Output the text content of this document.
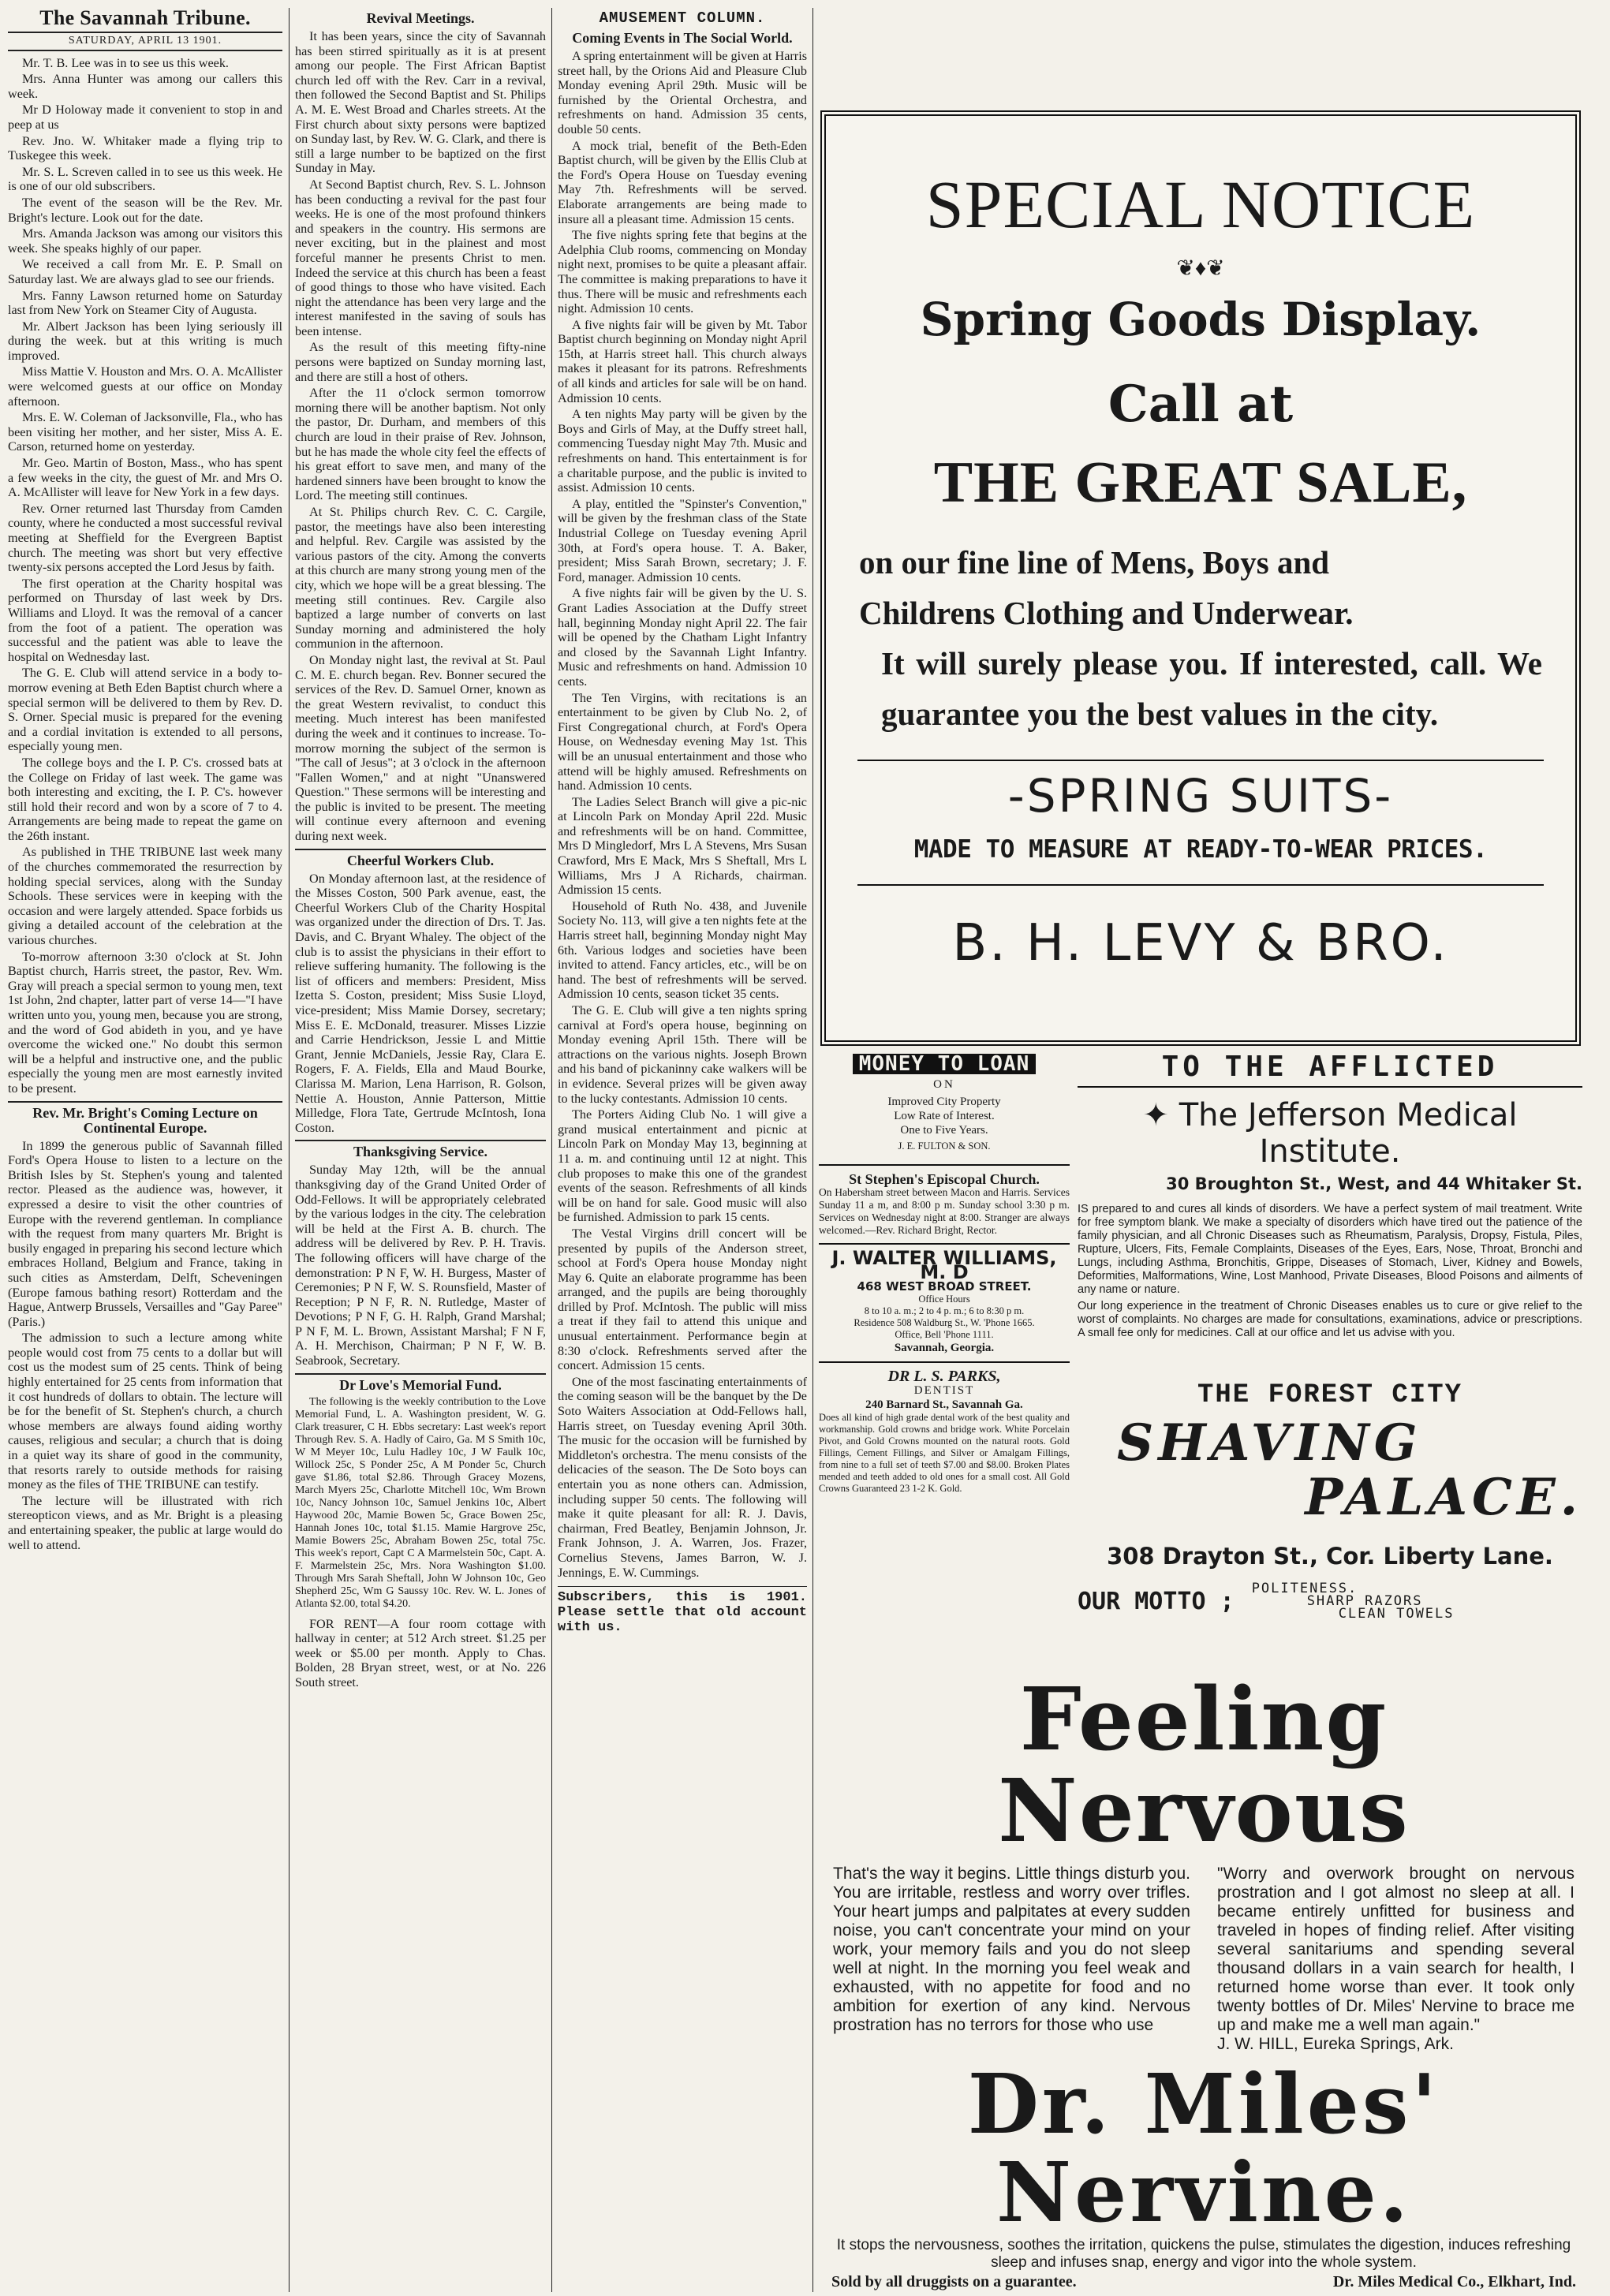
The Savannah Tribune.
SATURDAY, APRIL 13 1901.

Mr. T. B. Lee was in to see us this week.

Mrs. Anna Hunter was among our callers this week.

Mr D Holoway made it convenient to stop in and peep at us

Rev. Jno. W. Whitaker made a flying trip to Tuskegee this week.

Mr. S. L. Screven called in to see us this week. He is one of our old subscribers.

The event of the season will be the Rev. Mr. Bright's lecture. Look out for the date.

Mrs. Amanda Jackson was among our visitors this week. She speaks highly of our paper.

We received a call from Mr. E. P. Small on Saturday last. We are always glad to see our friends.

Mrs. Fanny Lawson returned home on Saturday last from New York on Steamer City of Augusta.

Mr. Albert Jackson has been lying seriously ill during the week. but at this writing is much improved.

Miss Mattie V. Houston and Mrs. O. A. McAllister were welcomed guests at our office on Monday afternoon.

Mrs. E. W. Coleman of Jacksonville, Fla., who has been visiting her mother, and her sister, Miss A. E. Carson, returned home on yesterday.

Mr. Geo. Martin of Boston, Mass., who has spent a few weeks in the city, the guest of Mr. and Mrs O. A. McAllister will leave for New York in a few days.

Rev. Orner returned last Thursday from Camden county, where he conducted a most successful revival meeting at Sheffield for the Evergreen Baptist church. The meeting was short but very effective twenty-six persons accepted the Lord Jesus by faith.

The first operation at the Charity hospital was performed on Thursday of last week by Drs. Williams and Lloyd. It was the removal of a cancer from the foot of a patient. The operation was successful and the patient was able to leave the hospital on Wednesday last.

The G. E. Club will attend service in a body to-morrow evening at Beth Eden Baptist church where a special sermon will be delivered to them by Rev. D. S. Orner. Special music is prepared for the evening and a cordial invitation is extended to all persons, especially young men.

The college boys and the I. P. C's. crossed bats at the College on Friday of last week. The game was both interesting and exciting, the I. P. C's. however still hold their record and won by a score of 7 to 4. Arrangements are being made to repeat the game on the 26th instant.

As published in THE TRIBUNE last week many of the churches commemorated the resurrection by holding special services, along with the Sunday Schools. These services were in keeping with the occasion and were largely attended. Space forbids us giving a detailed account of the celebration at the various churches.

To-morrow afternoon 3:30 o'clock at St. John Baptist church, Harris street, the pastor, Rev. Wm. Gray will preach a special sermon to young men, text 1st John, 2nd chapter, latter part of verse 14—"I have written unto you, young men, because you are strong, and the word of God abideth in you, and ye have overcome the wicked one." No doubt this sermon will be a helpful and instructive one, and the public especially the young men are most earnestly invited to be present.

Rev. Mr. Bright's Coming Lecture on Continental Europe.

In 1899 the generous public of Savannah filled Ford's Opera House to listen to a lecture on the British Isles by St. Stephen's young and talented rector. Pleased as the audience was, however, it expressed a desire to visit the other countries of Europe with the reverend gentleman. In compliance with the request from many quarters Mr. Bright is busily engaged in preparing his second lecture which embraces Holland, Belgium and France, taking in such cities as Amsterdam, Delft, Scheveningen (Europe famous bathing resort) Rotterdam and the Hague, Antwerp Brussels, Versailles and "Gay Paree" (Paris.)

The admission to such a lecture among white people would cost from 75 cents to a dollar but will cost us the modest sum of 25 cents. Think of being highly entertained for 25 cents from information that it cost hundreds of dollars to obtain. The lecture will be for the benefit of St. Stephen's church, a church whose members are always found aiding worthy causes, religious and secular; a church that is doing in a quiet way its share of good in the community, that resorts rarely to outside methods for raising money as the files of THE TRIBUNE can testify.

The lecture will be illustrated with rich stereopticon views, and as Mr. Bright is a pleasing and entertaining speaker, the public at large would do well to attend.

Revival Meetings.

It has been years, since the city of Savannah has been stirred spiritually as it is at present among our people. The First African Baptist church led off with the Rev. Carr in a revival, then followed the Second Baptist and St. Philips A. M. E. West Broad and Charles streets. At the First church about sixty persons were baptized on Sunday last, by Rev. W. G. Clark, and there is still a large number to be baptized on the first Sunday in May.

At Second Baptist church, Rev. S. L. Johnson has been conducting a revival for the past four weeks. He is one of the most profound thinkers and speakers in the country. His sermons are never exciting, but in the plainest and most forceful manner he presents Christ to men. Indeed the service at this church has been a feast of good things to those who have visited. Each night the attendance has been very large and the interest manifested in the saving of souls has been intense.

As the result of this meeting fifty-nine persons were baptized on Sunday morning last, and there are still a host of others.

After the 11 o'clock sermon tomorrow morning there will be another baptism. Not only the pastor, Dr. Durham, and members of this church are loud in their praise of Rev. Johnson, but he has made the whole city feel the effects of his great effort to save men, and many of the hardened sinners have been brought to know the Lord. The meeting still continues.

At St. Philips church Rev. C. C. Cargile, pastor, the meetings have also been interesting and helpful. Rev. Cargile was assisted by the various pastors of the city. Among the converts at this church are many strong young men of the city, which we hope will be a great blessing. The meeting still continues. Rev. Cargile also baptized a large number of converts on last Sunday morning and administered the holy communion in the afternoon.

On Monday night last, the revival at St. Paul C. M. E. church began. Rev. Bonner secured the services of the Rev. D. Samuel Orner, known as the great Western revivalist, to conduct this meeting. Much interest has been manifested during the week and it continues to increase. To-morrow morning the subject of the sermon is "The call of Jesus"; at 3 o'clock in the afternoon "Fallen Women," and at night "Unanswered Question." These sermons will be interesting and the public is invited to be present. The meeting will continue every afternoon and evening during next week.

Cheerful Workers Club.

On Monday afternoon last, at the residence of the Misses Coston, 500 Park avenue, east, the Cheerful Workers Club of the Charity Hospital was organized under the direction of Drs. T. Jas. Davis, and C. Bryant Whaley. The object of the club is to assist the physicians in their effort to relieve suffering humanity. The following is the list of officers and members: President, Miss Izetta S. Coston, president; Miss Susie Lloyd, vice-president; Miss Mamie Dorsey, secretary; Miss E. E. McDonald, treasurer. Misses Lizzie and Carrie Hendrickson, Jessie L and Mittie Grant, Jennie McDaniels, Jessie Ray, Clara E. Rogers, F. A. Fields, Ella and Maud Bourke, Clarissa M. Marion, Lena Harrison, R. Golson, Nettie A. Houston, Annie Patterson, Mittie Milledge, Flora Tate, Gertrude McIntosh, Iona Coston.

Thanksgiving Service.

Sunday May 12th, will be the annual thanksgiving day of the Grand United Order of Odd-Fellows. It will be appropriately celebrated by the various lodges in the city. The celebration will be held at the First A. B. church. The address will be delivered by Rev. P. H. Travis. The following officers will have charge of the demonstration: P N F, W. H. Burgess, Master of Ceremonies; P N F, W. S. Rounsfield, Master of Reception; P N F, R. N. Rutledge, Master of Devotions; P N F, G. H. Ralph, Grand Marshal; P N F, M. L. Brown, Assistant Marshal; F N F, A. H. Merchison, Chairman; P N F, W. B. Seabrook, Secretary.

Dr Love's Memorial Fund.

The following is the weekly contribution to the Love Memorial Fund, L. A. Washington president, W. G. Clark treasurer, C H. Ebbs secretary: Last week's report Through Rev. S. A. Hadly of Cairo, Ga. M S Smith 10c, W M Meyer 10c, Lulu Hadley 10c, J W Faulk 10c, Willock 25c, S Ponder 25c, A M Ponder 5c, Church gave $1.86, total $2.86. Through Gracey Mozens, March Myers 25c, Charlotte Mitchell 10c, Wm Brown 10c, Nancy Johnson 10c, Samuel Jenkins 10c, Albert Haywood 20c, Mamie Bowen 5c, Grace Bowen 25c, Hannah Jones 10c, total $1.15. Mamie Hargrove 25c, Mamie Bowers 25c, Abraham Bowen 25c, total 75c. This week's report, Capt C A Marmelstein 50c, Capt. A. F. Marmelstein 25c, Mrs. Nora Washington $1.00. Through Mrs Sarah Sheftall, John W Johnson 10c, Geo Shepherd 25c, Wm G Saussy 10c. Rev. W. L. Jones of Atlanta $2.00, total $4.20.

FOR RENT—A four room cottage with hallway in center; at 512 Arch street. $1.25 per week or $5.00 per month. Apply to Chas. Bolden, 28 Bryan street, west, or at No. 226 South street.

AMUSEMENT COLUMN.
Coming Events in The Social World.

A spring entertainment will be given at Harris street hall, by the Orions Aid and Pleasure Club Monday evening April 29th. Music will be furnished by the Oriental Orchestra, and refreshments on hand. Admission 35 cents, double 50 cents.

A mock trial, benefit of the Beth-Eden Baptist church, will be given by the Ellis Club at the Ford's Opera House on Tuesday evening May 7th. Refreshments will be served. Elaborate arrangements are being made to insure all a pleasant time. Admission 15 cents.

The five nights spring fete that begins at the Adelphia Club rooms, commencing on Monday night next, promises to be quite a pleasant affair. The committee is making preparations to have it thus. There will be music and refreshments each night. Admission 10 cents.

A five nights fair will be given by Mt. Tabor Baptist church beginning on Monday night April 15th, at Harris street hall. This church always makes it pleasant for its patrons. Refreshments of all kinds and articles for sale will be on hand. Admission 10 cents.

A ten nights May party will be given by the Boys and Girls of May, at the Duffy street hall, commencing Tuesday night May 7th. Music and refreshments on hand. This entertainment is for a charitable purpose, and the public is invited to assist. Admission 10 cents.

A play, entitled the "Spinster's Convention," will be given by the freshman class of the State Industrial College on Tuesday evening April 30th, at Ford's opera house. T. A. Baker, president; Miss Sarah Brown, secretary; J. F. Ford, manager. Admission 10 cents.

A five nights fair will be given by the U. S. Grant Ladies Association at the Duffy street hall, beginning Monday night April 22. The fair will be opened by the Chatham Light Infantry and closed by the Savannah Light Infantry. Music and refreshments on hand. Admission 10 cents.

The Ten Virgins, with recitations is an entertainment to be given by Club No. 2, of First Congregational church, at Ford's Opera House, on Wednesday evening May 1st. This will be an unusual entertainment and those who attend will be highly amused. Refreshments on hand. Admission 10 cents.

The Ladies Select Branch will give a pic-nic at Lincoln Park on Monday April 22d. Music and refreshments will be on hand. Committee, Mrs D Mingledorf, Mrs L A Stevens, Mrs Susan Crawford, Mrs E Mack, Mrs S Sheftall, Mrs L Williams, Mrs J A Richards, chairman. Admission 15 cents.

Household of Ruth No. 438, and Juvenile Society No. 113, will give a ten nights fete at the Harris street hall, beginning Monday night May 6th. Various lodges and societies have been invited to attend. Fancy articles, etc., will be on hand. The best of refreshments will be served. Admission 10 cents, season ticket 35 cents.

The G. E. Club will give a ten nights spring carnival at Ford's opera house, beginning on Monday evening April 15th. There will be attractions on the various nights. Joseph Brown and his band of pickaninny cake walkers will be in evidence. Several prizes will be given away to the lucky contestants. Admission 10 cents.

The Porters Aiding Club No. 1 will give a grand musical entertainment and picnic at Lincoln Park on Monday May 13, beginning at 11 a. m. and continuing until 12 at night. This club proposes to make this one of the grandest events of the season. Refreshments of all kinds will be on hand for sale. Good music will also be furnished. Admission to park 15 cents.

The Vestal Virgins drill concert will be presented by pupils of the Anderson street, school at Ford's Opera house Monday night May 6. Quite an elaborate programme has been arranged, and the pupils are being thoroughly drilled by Prof. McIntosh. The public will miss a treat if they fail to attend this unique and unusual entertainment. Performance begin at 8:30 o'clock. Refreshments served after the concert. Admission 15 cents.

One of the most fascinating entertainments of the coming season will be the banquet by the De Soto Waiters Association at Odd-Fellows hall, Harris street, on Tuesday evening April 30th. The music for the occasion will be furnished by Middleton's orchestra. The menu consists of the delicacies of the season. The De Soto boys can entertain you as none others can. Admission, including supper 50 cents. The following will make it quite pleasant for all: R. J. Davis, chairman, Fred Beatley, Benjamin Johnson, Jr. Frank Johnson, J. A. Warren, Jos. Frazer, Cornelius Stevens, James Barron, W. J. Jennings, E. W. Cummings.

Subscribers, this is 1901. Please settle that old account with us.
SPECIAL NOTICE
❦♦❦
Spring Goods Display.
Call at
THE GREAT SALE,
on our fine line of Mens, Boys and
Childrens Clothing and Underwear.
It will surely please you. If interested, call. We guarantee you the best values in the city.
-SPRING SUITS-
MADE TO MEASURE AT READY-TO-WEAR PRICES.
B. H. LEVY & BRO.
MONEY TO LOAN
ON
Improved City Property
Low Rate of Interest.
One to Five Years.
J. E. FULTON & SON.
St Stephen's Episcopal Church.
On Habersham street between Macon and Harris. Services Sunday 11 a m, and 8:00 p m. Sunday school 3:30 p m. Services on Wednesday night at 8:00. Stranger are always welcomed.—Rev. Richard Bright, Rector.
J. WALTER WILLIAMS, M. D
468 WEST BROAD STREET.
Office Hours
8 to 10 a. m.; 2 to 4 p. m.; 6 to 8:30 p m.
Residence 508 Waldburg St., W. 'Phone 1665.
Office, Bell 'Phone 1111.
Savannah, Georgia.
DR L. S. PARKS,
DENTIST
240 Barnard St., Savannah Ga.
Does all kind of high grade dental work of the best quality and workmanship. Gold crowns and bridge work. White Porcelain Pivot, and Gold Crowns mounted on the natural roots. Gold Fillings, Cement Fillings, and Silver or Amalgam Fillings, from nine to a full set of teeth $7.00 and $8.00. Broken Plates mended and teeth added to old ones for a small cost. All Gold Crowns Guaranteed 23 1-2 K. Gold.
TO THE AFFLICTED
✦ The Jefferson Medical Institute.
30 Broughton St., West, and 44 Whitaker St.
IS prepared to and cures all kinds of disorders. We have a perfect system of mail treatment. Write for free symptom blank. We make a specialty of disorders which have tired out the patience of the family physician, and all Chronic Diseases such as Rheumatism, Paralysis, Dropsy, Fistula, Piles, Rupture, Ulcers, Fits, Female Complaints, Diseases of the Eyes, Ears, Nose, Throat, Bronchi and Lungs, including Asthma, Bronchitis, Grippe, Diseases of Stomach, Liver, Kidney and Bowels, Deformities, Malformations, Wine, Lost Manhood, Private Diseases, Blood Poisons and ailments of any name or nature.
Our long experience in the treatment of Chronic Diseases enables us to cure or give relief to the worst of complaints. No charges are made for consultations, examinations, advice or prescriptions. A small fee only for medicines. Call at our office and let us advise with you.
THE FOREST CITY
SHAVING
PALACE.
308 Drayton St., Cor. Liberty Lane.
OUR MOTTO ; POLITENESS.
SHARP RAZORS
CLEAN TOWELS
Feeling Nervous
That's the way it begins. Little things disturb you. You are irritable, restless and worry over trifles. Your heart jumps and palpitates at every sudden noise, you can't concentrate your mind on your work, your memory fails and you do not sleep well at night. In the morning you feel weak and exhausted, with no appetite for food and no ambition for exertion of any kind. Nervous prostration has no terrors for those who use
"Worry and overwork brought on nervous prostration and I got almost no sleep at all. I became entirely unfitted for business and traveled in hopes of finding relief. After visiting several sanitariums and spending several thousand dollars in a vain search for health, I returned home worse than ever. It took only twenty bottles of Dr. Miles' Nervine to brace me up and make me a well man again."
J. W. HILL, Eureka Springs, Ark.
Dr. Miles' Nervine.
It stops the nervousness, soothes the irritation, quickens the pulse, stimulates the digestion, induces refreshing sleep and infuses snap, energy and vigor into the whole system.
Sold by all druggists on a guarantee.	Dr. Miles Medical Co., Elkhart, Ind.
